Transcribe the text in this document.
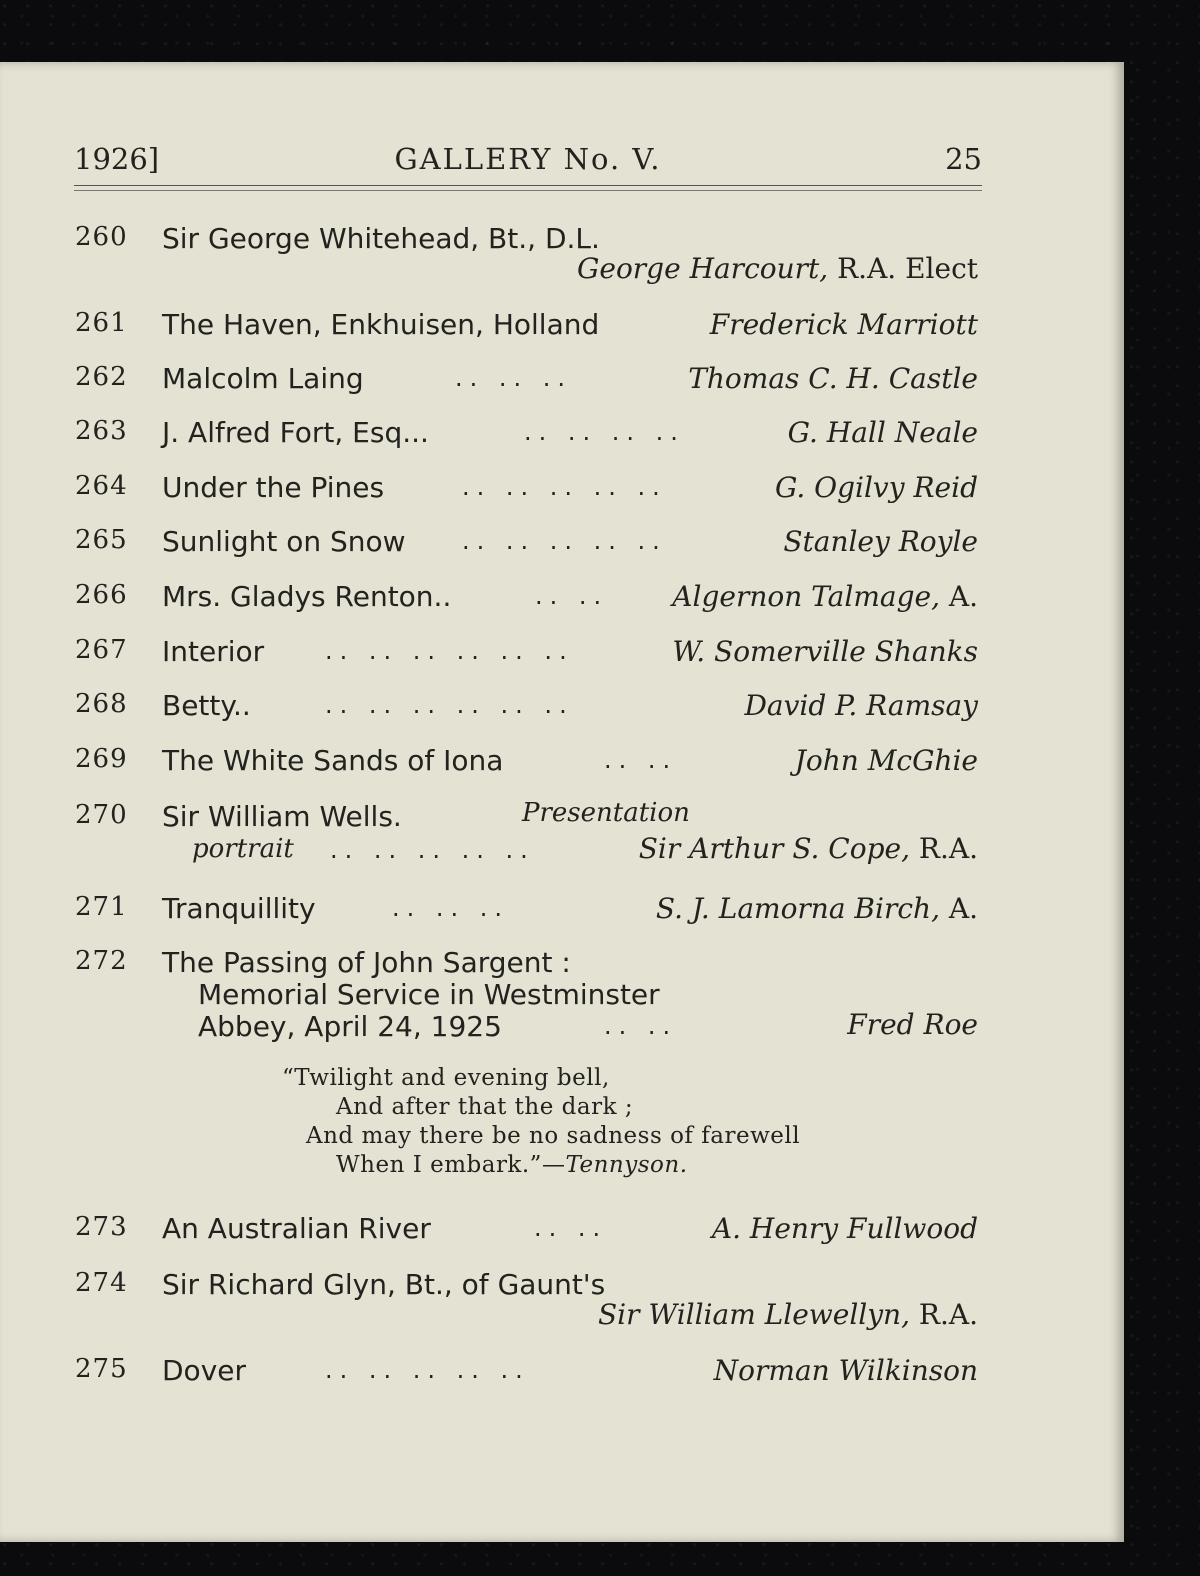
1926]	GALLERY No. V.	25
260 Sir George Whitehead, Bt., D.L.
George Harcourt, R.A. Elect
261 The Haven, Enkhuisen, Holland	Frederick Marriott
262 Malcolm Laing	.. .. ..	Thomas C. H. Castle
263 J. Alfred Fort, Esq...	.. .. .. ..	G. Hall Neale
264 Under the Pines	.. .. .. .. ..	G. Ogilvy Reid
265 Sunlight on Snow .. .. .. .. ..	Stanley Royle
266 Mrs. Gladys Renton..	.. .. Algernon Talmage, A.
267 Interior	.. .. .. .. .. ..	W. Somerville Shanks
268 Betty..	.. .. .. .. .. ..	David P. Ramsay
269 The White Sands of Iona	.. ..	John McGhie
270 Sir William Wells.	Presentation
portrait .. .. .. .. ..	Sir Arthur S. Cope, R.A.
271 Tranquillity	.. .. ..	S. J. Lamorna Birch, A.
272 The Passing of John Sargent :
Memorial Service in Westminster
Abbey, April 24, 1925	.. ..	Fred Roe
“Twilight and evening bell,
And after that the dark ;
And may there be no sadness of farewell
When I embark.”—Tennyson.
273 An Australian River	.. ..	A. Henry Fullwood
274 Sir Richard Glyn, Bt., of Gaunt's
Sir William Llewellyn, R.A.
275 Dover	.. .. .. .. ..	Norman Wilkinson
